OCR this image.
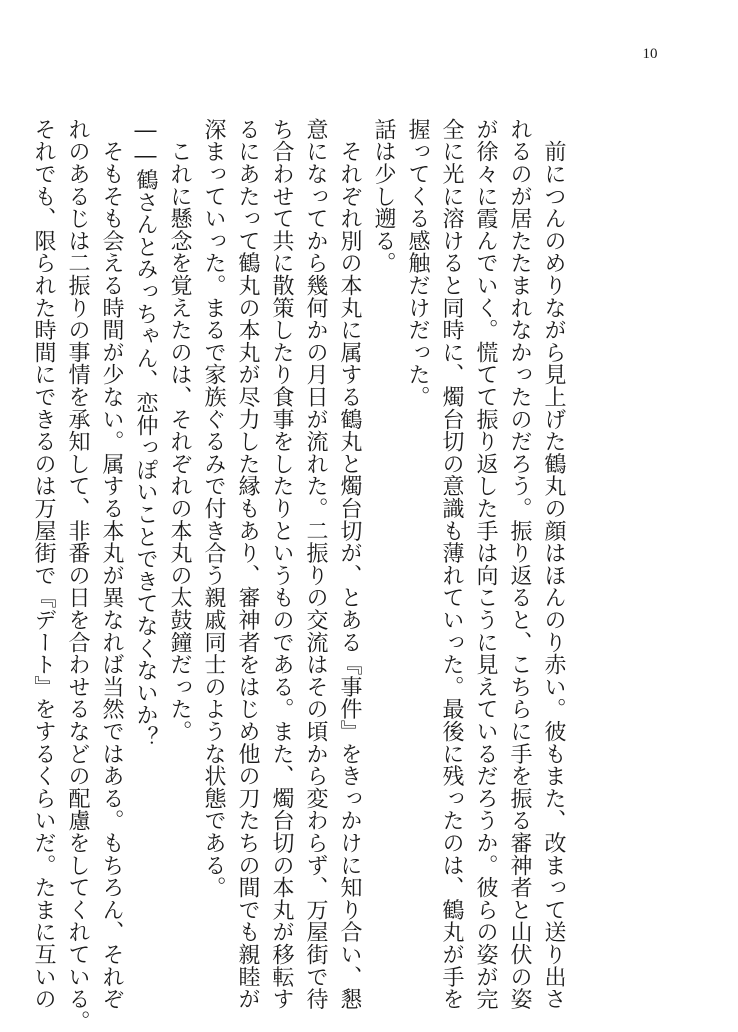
10
　前につんのめりながら見上げた鶴丸の顔はほんのり赤い。彼もまた、改まって送り出さ
れるのが居たたまれなかったのだろう。振り返ると、こちらに手を振る審神者と山伏の姿
が徐々に霞んでいく。慌てて振り返した手は向こうに見えているだろうか。彼らの姿が完
全に光に溶けると同時に、燭台切の意識も薄れていった。最後に残ったのは、鶴丸が手を
握ってくる感触だけだった。
話は少し遡る。
　それぞれ別の本丸に属する鶴丸と燭台切が、とある『事件』をきっかけに知り合い、懇
意になってから幾何かの月日が流れた。二振りの交流はその頃から変わらず、万屋街で待
ち合わせて共に散策したり食事をしたりというものである。また、燭台切の本丸が移転す
るにあたって鶴丸の本丸が尽力した縁もあり、審神者をはじめ他の刀たちの間でも親睦が
深まっていった。まるで家族ぐるみで付き合う親戚同士のような状態である。
　これに懸念を覚えたのは、それぞれの本丸の太鼓鐘だった。
――鶴さんとみっちゃん、恋仲っぽいことできてなくないか？
　そもそも会える時間が少ない。属する本丸が異なれば当然ではある。もちろん、それぞ
れのあるじは二振りの事情を承知して、非番の日を合わせるなどの配慮をしてくれている。
それでも、限られた時間にできるのは万屋街で『デート』をするくらいだ。たまに互いの
